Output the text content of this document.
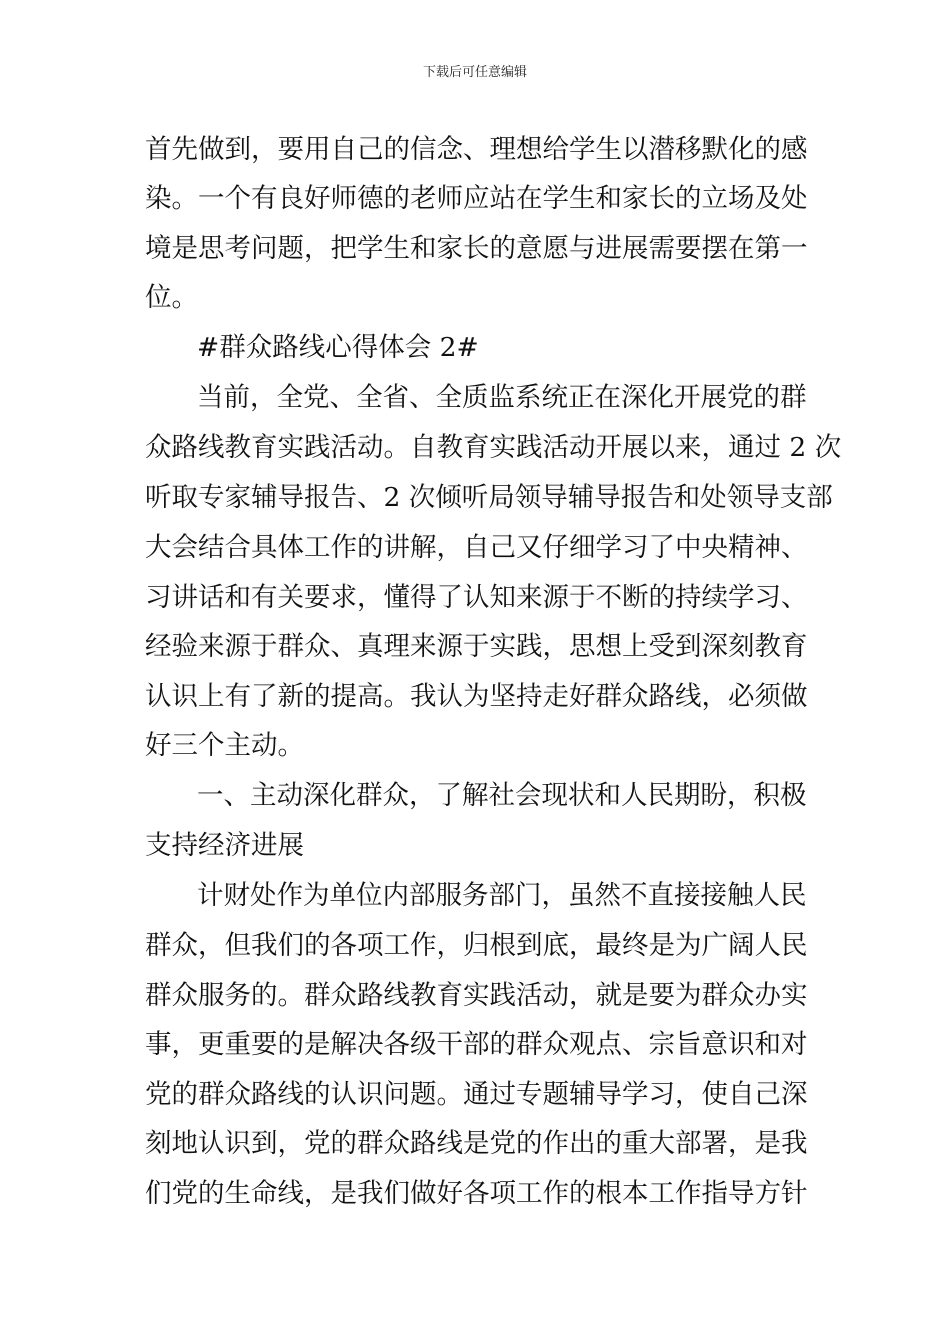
下载后可任意编辑
首先做到，要用自己的信念、理想给学生以潜移默化的感
染。一个有良好师德的老师应站在学生和家长的立场及处
境是思考问题，把学生和家长的意愿与进展需要摆在第一
位。
#群众路线心得体会 2#
当前，全党、全省、全质监系统正在深化开展党的群
众路线教育实践活动。自教育实践活动开展以来，通过 2 次
听取专家辅导报告、2 次倾听局领导辅导报告和处领导支部
大会结合具体工作的讲解，自己又仔细学习了中央精神、
习讲话和有关要求，懂得了认知来源于不断的持续学习、
经验来源于群众、真理来源于实践，思想上受到深刻教育
认识上有了新的提高。我认为坚持走好群众路线，必须做
好三个主动。
一、主动深化群众，了解社会现状和人民期盼，积极
支持经济进展
计财处作为单位内部服务部门，虽然不直接接触人民
群众，但我们的各项工作，归根到底，最终是为广阔人民
群众服务的。群众路线教育实践活动，就是要为群众办实
事，更重要的是解决各级干部的群众观点、宗旨意识和对
党的群众路线的认识问题。通过专题辅导学习，使自己深
刻地认识到，党的群众路线是党的作出的重大部署，是我
们党的生命线，是我们做好各项工作的根本工作指导方针
